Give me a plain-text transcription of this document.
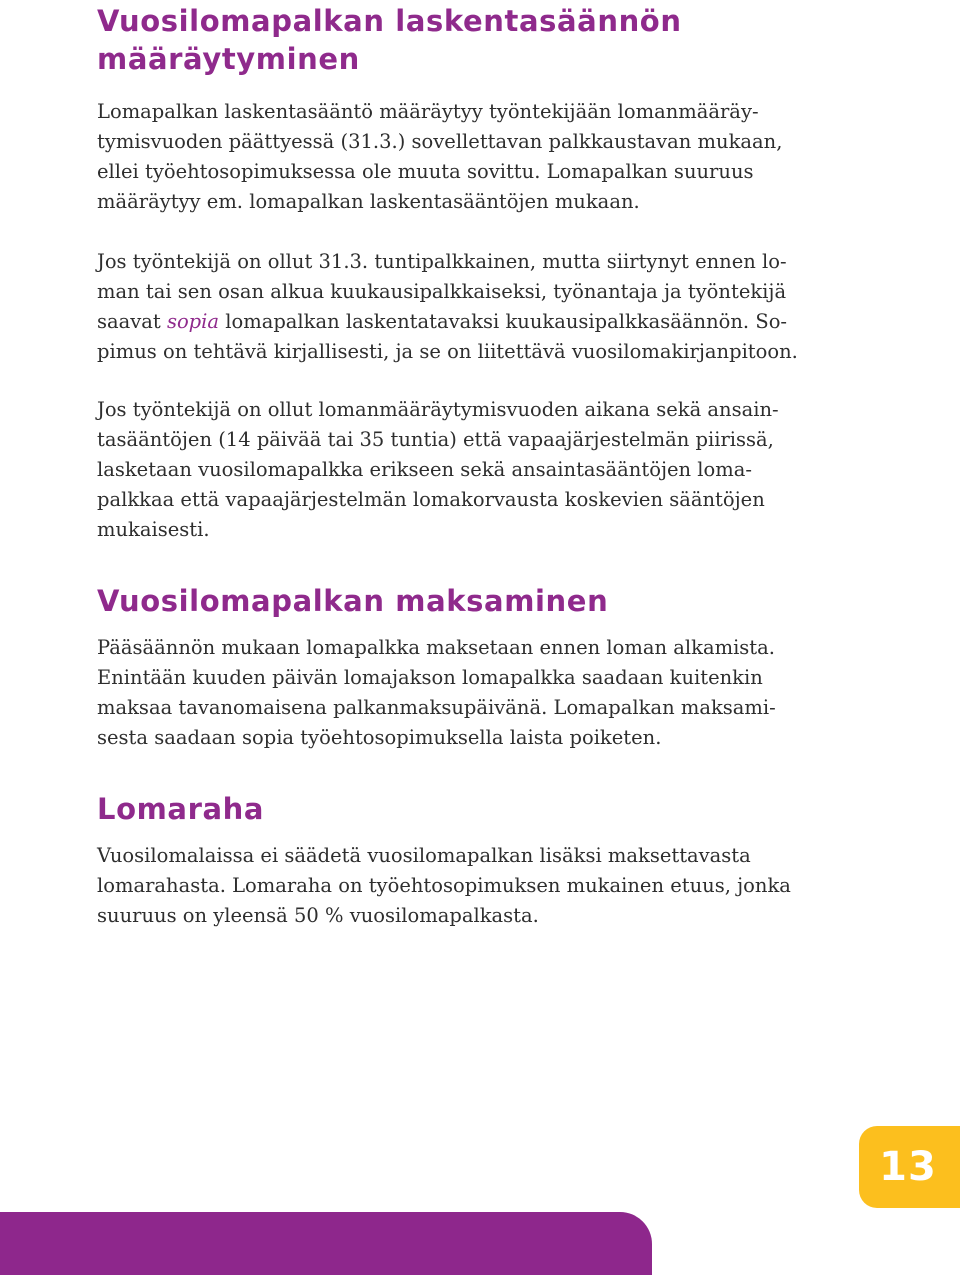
Vuosilomapalkan laskentasäännön
määräytyminen

Lomapalkan laskentasääntö määräytyy työntekijään lomanmääräy-
tymisvuoden päättyessä (31.3.) sovellettavan palkkaustavan mukaan,
ellei työehtosopimuksessa ole muuta sovittu. Lomapalkan suuruus
määräytyy em. lomapalkan laskentasääntöjen mukaan.

Jos työntekijä on ollut 31.3. tuntipalkkainen, mutta siirtynyt ennen lo-
man tai sen osan alkua kuukausipalkkaiseksi, työnantaja ja työntekijä
saavat sopia lomapalkan laskentatavaksi kuukausipalkkasäännön. So-
pimus on tehtävä kirjallisesti, ja se on liitettävä vuosilomakirjanpitoon.

Jos työntekijä on ollut lomanmääräytymisvuoden aikana sekä ansain-
tasääntöjen (14 päivää tai 35 tuntia) että vapaajärjestelmän piirissä,
lasketaan vuosilomapalkka erikseen sekä ansaintasääntöjen loma-
palkkaa että vapaajärjestelmän lomakorvausta koskevien sääntöjen
mukaisesti.

Vuosilomapalkan maksaminen

Pääsäännön mukaan lomapalkka maksetaan ennen loman alkamista.
Enintään kuuden päivän lomajakson lomapalkka saadaan kuitenkin
maksaa tavanomaisena palkanmaksupäivänä. Lomapalkan maksami-
sesta saadaan sopia työehtosopimuksella laista poiketen.

Lomaraha

Vuosilomalaissa ei säädetä vuosilomapalkan lisäksi maksettavasta
lomarahasta. Lomaraha on työehtosopimuksen mukainen etuus, jonka
suuruus on yleensä 50 % vuosilomapalkasta.

13
